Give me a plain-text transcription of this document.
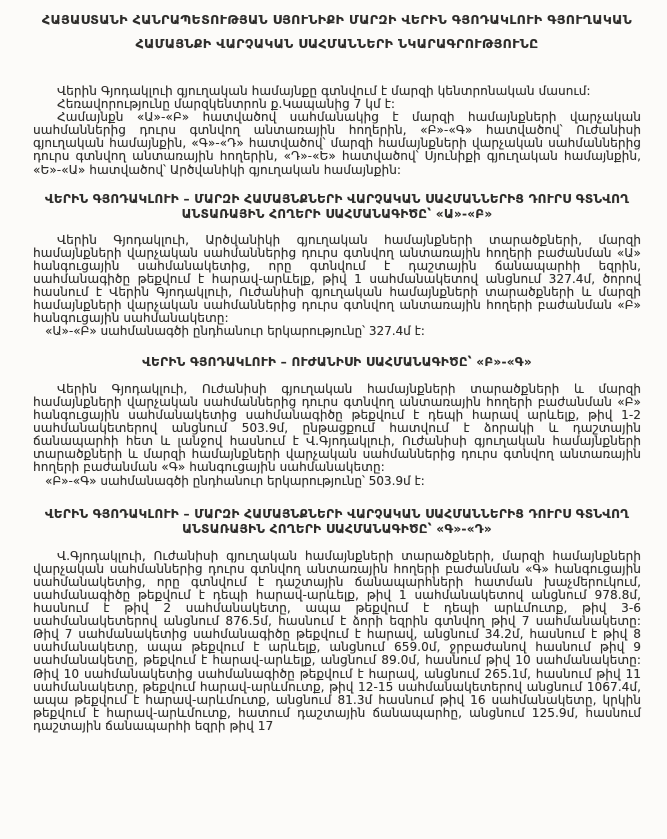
ՀԱՅԱՍՏԱՆԻ ՀԱՆՐԱՊԵՏՈՒԹՅԱՆ ՍՅՈՒՆԻՔԻ ՄԱՐԶԻ ՎԵՐԻՆ ԳՅՈԴԱԿԼՈՒԻ ԳՅՈՒՂԱԿԱՆ
ՀԱՄԱՅՆՔԻ ՎԱՐՉԱԿԱՆ ՍԱՀՄԱՆՆԵՐԻ ՆԿԱՐԱԳՐՈՒԹՅՈՒՆԸ

Վերին Գյոդակլուի գյուղական համայնքը գտնվում է մարզի կենտրոնական մասում:

Հեռավորությունը մարզկենտրոն ք.Կապանից 7 կմ է:

Համայնքն «Ա»-«Բ» հատվածով սահմանակից է մարզի համայնքների վարչական սահմաններից դուրս գտնվող անտառային հողերին, «Բ»-«Գ» հատվածով՝ Ուժանիսի գյուղական համայնքին, «Գ»-«Դ» հատվածով՝ մարզի համայնքների վարչական սահմաններից դուրս գտնվող անտառային հողերին, «Դ»-«Ե» հատվածով՝ Սյունիքի գյուղական համայնքին, «Ե»-«Ա» հատվածով՝ Արծվանիկի գյուղական համայնքին:

ՎԵՐԻՆ ԳՅՈԴԱԿԼՈՒԻ – ՄԱՐԶԻ ՀԱՄԱՅՆՔՆԵՐԻ ՎԱՐՉԱԿԱՆ ՍԱՀՄԱՆՆԵՐԻՑ ԴՈՒՐՍ ԳՏՆՎՈՂ ԱՆՏԱՌԱՅԻՆ ՀՈՂԵՐԻ ՍԱՀՄԱՆԱԳԻԾԸ՝ «Ա»-«Բ»

Վերին Գյոդակլուի, Արծվանիկի գյուղական համայնքների տարածքների, մարզի համայնքների վարչական սահմաններից դուրս գտնվող անտառային հողերի բաժանման «Ա» հանգուցային սահմանակետից, որը գտնվում է դաշտային ճանապարհի եզրին, սահմանագիծը թեքվում է հարավ-արևելք, թիվ 1 սահմանակետով անցնում 327.4մ, ծորով հասնում է Վերին Գյոդակլուի, Ուժանիսի գյուղական համայնքների տարածքների և մարզի համայնքների վարչական սահմաններից դուրս գտնվող անտառային հողերի բաժանման «Բ» հանգուցային սահմանակետը:

«Ա»-«Բ» սահմանագծի ընդհանուր երկարությունը՝ 327.4մ է:

ՎԵՐԻՆ ԳՅՈԴԱԿԼՈՒԻ – ՈՒԺԱՆԻՍԻ ՍԱՀՄԱՆԱԳԻԾԸ՝ «Բ»-«Գ»

Վերին Գյոդակլուի, Ուժանիսի գյուղական համայնքների տարածքների և մարզի համայնքների վարչական սահմաններից դուրս գտնվող անտառային հողերի բաժանման «Բ» հանգուցային սահմանակետից սահմանագիծը թեքվում է դեպի հարավ արևելք, թիվ 1-2 սահմանակետերով անցնում 503.9մ, ընթացքում հատվում է ձորակի և դաշտային ճանապարհի հետ և լանջով հասնում է Վ.Գյոդակլուի, Ուժանիսի գյուղական համայնքների տարածքների և մարզի համայնքների վարչական սահմաններից դուրս գտնվող անտառային հողերի բաժանման «Գ» հանգուցային սահմանակետը:

«Բ»-«Գ» սահմանագծի ընդհանուր երկարությունը՝ 503.9մ է:

ՎԵՐԻՆ ԳՅՈԴԱԿԼՈՒԻ – ՄԱՐԶԻ ՀԱՄԱՅՆՔՆԵՐԻ ՎԱՐՉԱԿԱՆ ՍԱՀՄԱՆՆԵՐԻՑ ԴՈՒՐՍ ԳՏՆՎՈՂ ԱՆՏԱՌԱՅԻՆ ՀՈՂԵՐԻ ՍԱՀՄԱՆԱԳԻԾԸ՝ «Գ»-«Դ»

Վ.Գյոդակլուի, Ուժանիսի գյուղական համայնքների տարածքների, մարզի համայնքների վարչական սահմաններից դուրս գտնվող անտառային հողերի բաժանման «Գ» հանգուցային սահմանակետից, որը գտնվում է դաշտային ճանապարհների հատման խաչմերուկում, սահմանագիծը թեքվում է դեպի հարավ-արևելք, թիվ 1 սահմանակետով անցնում 978.8մ, հասնում է թիվ 2 սահմանակետը, ապա թեքվում է դեպի արևմուտք, թիվ 3-6 սահմանակետերով անցնում 876.5մ, հասնում է ձորի եզրին գտնվող թիվ 7 սահմանակետը: Թիվ 7 սահմանակետից սահմանագիծը թեքվում է հարավ, անցնում 34.2մ, հասնում է թիվ 8 սահմանակետը, ապա թեքվում է արևելք, անցնում 659.0մ, ջրբաժանով հասնում թիվ 9 սահմանակետը, թեքվում է հարավ-արևելք, անցնում 89.0մ, հասնում թիվ 10 սահմանակետը: Թիվ 10 սահմանակետից սահմանագիծը թեքվում է հարավ, անցնում 265.1մ, հասնում թիվ 11 սահմանակետը, թեքվում հարավ-արևմուտք, թիվ 12-15 սահմանակետերով անցնում 1067.4մ, ապա թեքվում է հարավ-արևմուտք, անցնում 81.3մ հասնում թիվ 16 սահմանակետը, կրկին թեքվում է հարավ-արևմուտք, հատում դաշտային ճանապարհը, անցնում 125.9մ, հասնում դաշտային ճանապարհի եզրի թիվ 17
